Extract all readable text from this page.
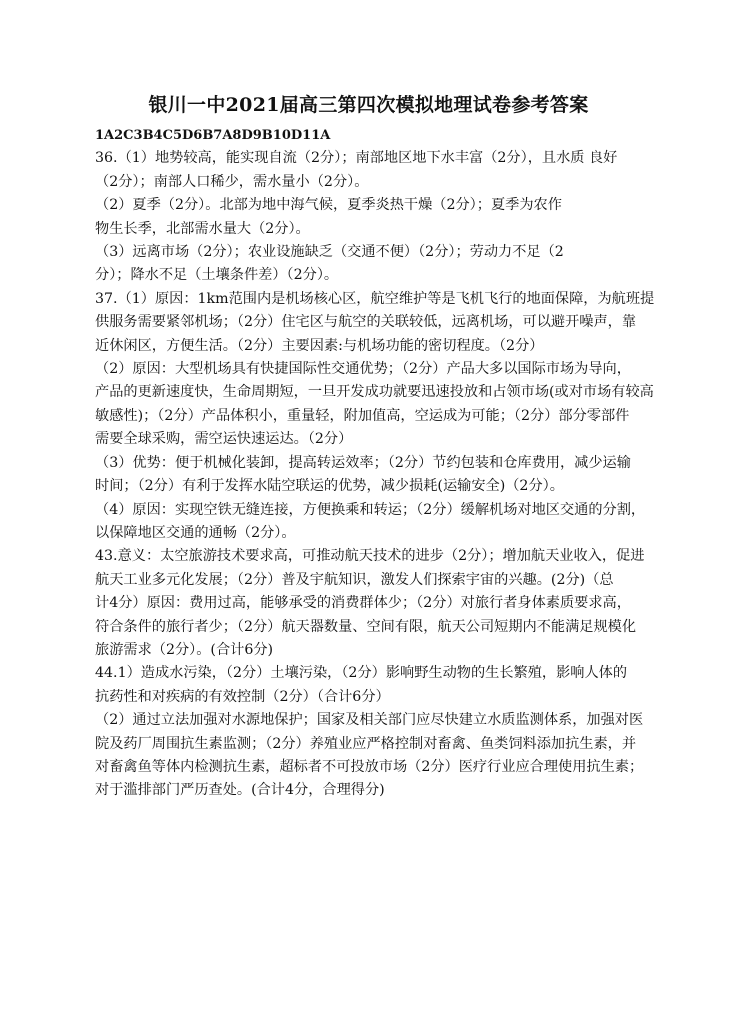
银川一中2021届高三第四次模拟地理试卷参考答案
1A2C3B4C5D6B7A8D9B10D11A
36.（1）地势较高，能实现自流（2分）；南部地区地下水丰富（2分），且水质 良好
（2分）；南部人口稀少，需水量小（2分）。
（2）夏季（2分）。北部为地中海气候，夏季炎热干燥（2分）；夏季为农作
物生长季，北部需水量大（2分）。
（3）远离市场（2分）；农业设施缺乏（交通不便）（2分）；劳动力不足（2
分）；降水不足（土壤条件差）（2分）。
37.（1）原因：1km范围内是机场核心区，航空维护等是飞机飞行的地面保障，为航班提
供服务需要紧邻机场；（2分）住宅区与航空的关联较低，远离机场，可以避开噪声，靠
近休闲区，方便生活。（2分）主要因素:与机场功能的密切程度。（2分）
（2）原因：大型机场具有快捷国际性交通优势；（2分）产品大多以国际市场为导向，
产品的更新速度快，生命周期短，一旦开发成功就要迅速投放和占领市场(或对市场有较高
敏感性)；（2分）产品体积小，重量轻，附加值高，空运成为可能；（2分）部分零部件
需要全球采购，需空运快速运达。（2分）
（3）优势：便于机械化装卸，提高转运效率；（2分）节约包装和仓库费用，减少运输
时间；（2分）有利于发挥水陆空联运的优势，减少损耗(运输安全)（2分）。
（4）原因：实现空铁无缝连接，方便换乘和转运；（2分）缓解机场对地区交通的分割，
以保障地区交通的通畅（2分）。
43.意义：太空旅游技术要求高，可推动航天技术的进步（2分）；增加航天业收入，促进
航天工业多元化发展；（2分）普及宇航知识，激发人们探索宇宙的兴趣。(2分)（总
计4分）原因：费用过高，能够承受的消费群体少；（2分）对旅行者身体素质要求高，
符合条件的旅行者少；（2分）航天器数量、空间有限，航天公司短期内不能满足规模化
旅游需求（2分）。(合计6分)
44.1）造成水污染，（2分）土壤污染，（2分）影响野生动物的生长繁殖，影响人体的
抗药性和对疾病的有效控制（2分）（合计6分）
（2）通过立法加强对水源地保护；国家及相关部门应尽快建立水质监测体系，加强对医
院及药厂周围抗生素监测；（2分）养殖业应严格控制对畜禽、鱼类饲料添加抗生素，并
对畜禽鱼等体内检测抗生素，超标者不可投放市场（2分）医疗行业应合理使用抗生素；
对于滥排部门严历查处。(合计4分，合理得分)
